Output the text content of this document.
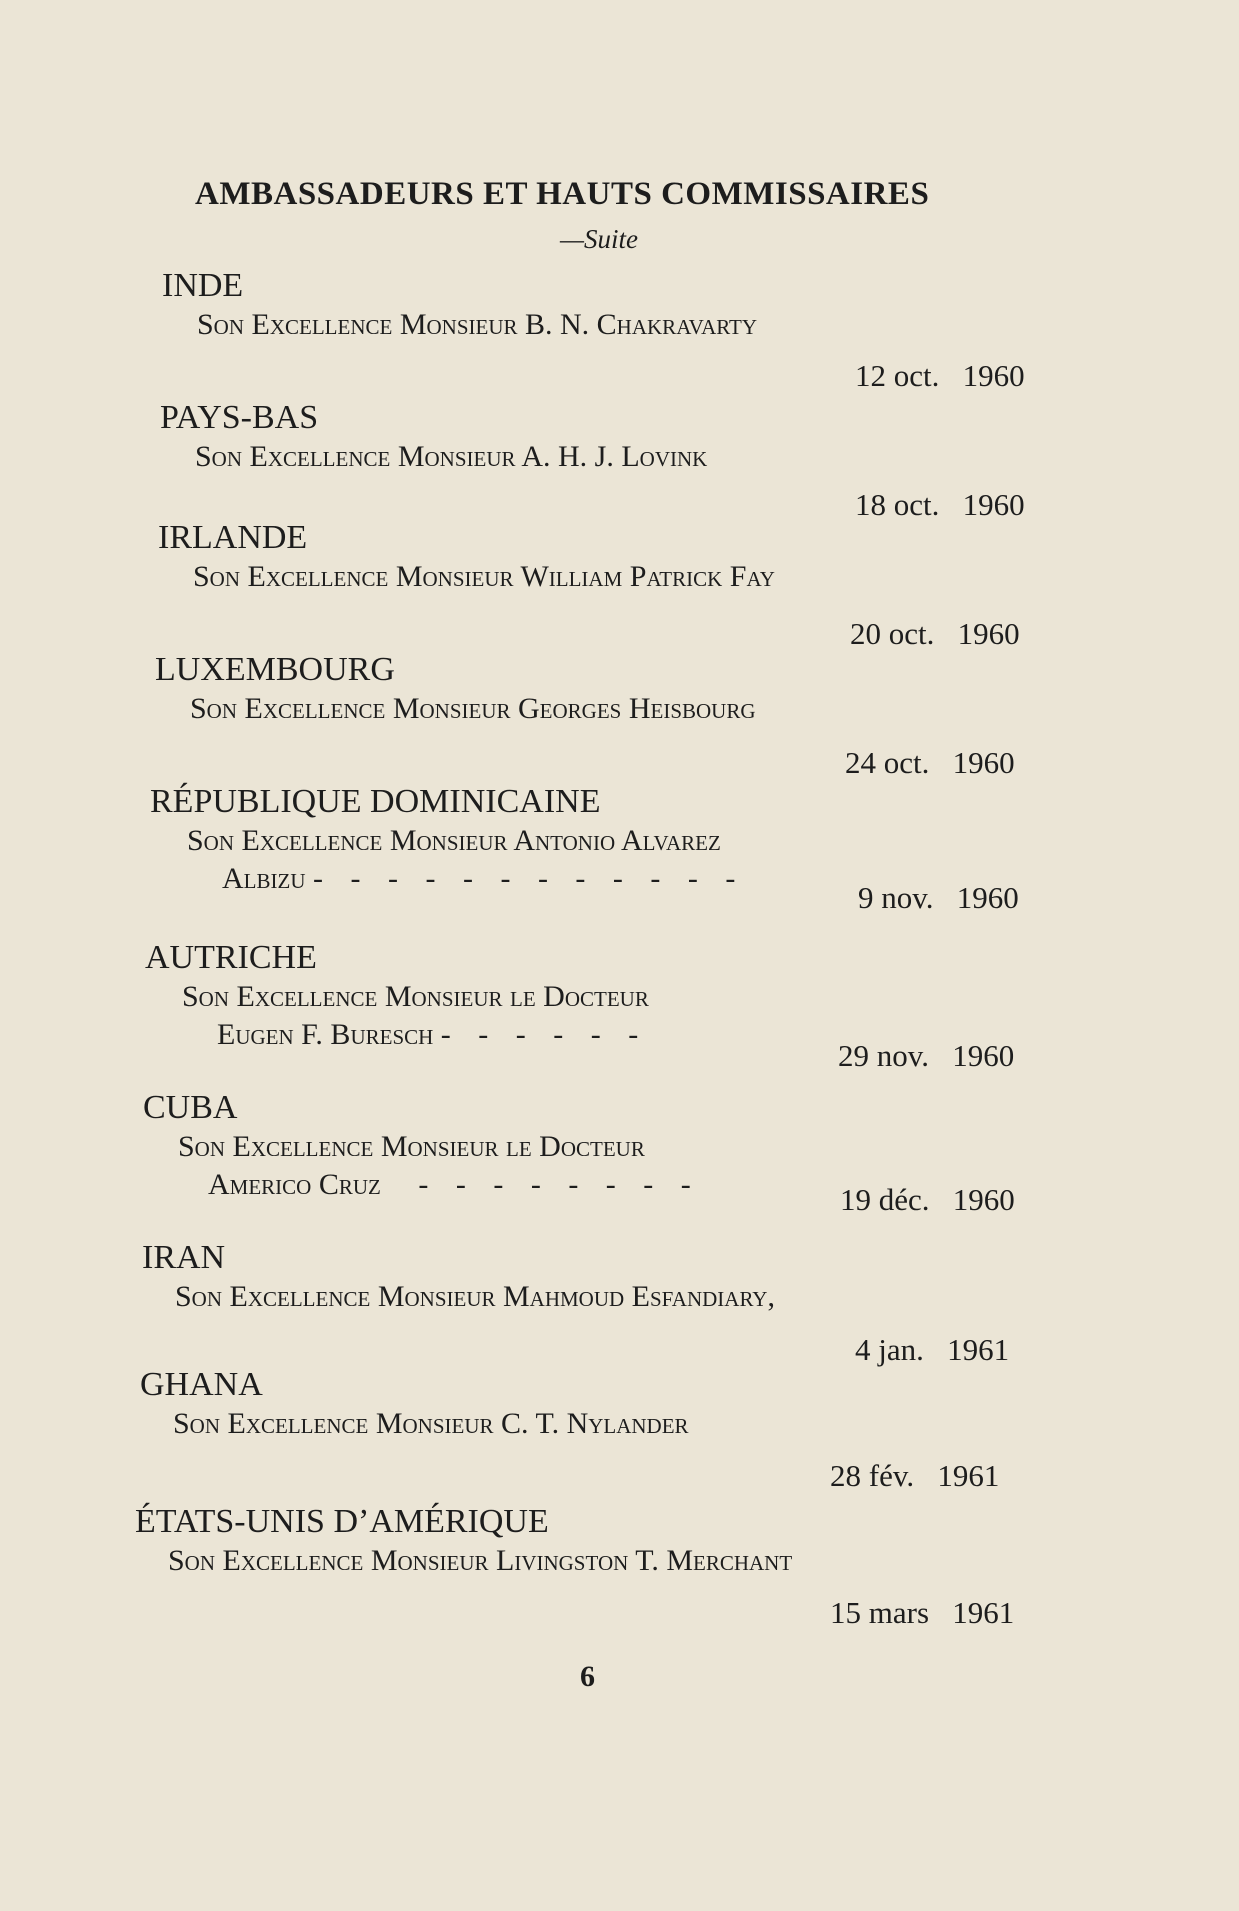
AMBASSADEURS ET HAUTS COMMISSAIRES
—Suite
INDE
Son Excellence Monsieur B. N. Chakravarty
12 oct. 1960
PAYS-BAS
Son Excellence Monsieur A. H. J. Lovink
18 oct. 1960
IRLANDE
Son Excellence Monsieur William Patrick Fay
20 oct. 1960
LUXEMBOURG
Son Excellence Monsieur Georges Heisbourg
24 oct. 1960
RÉPUBLIQUE DOMINICAINE
Son Excellence Monsieur Antonio Alvarez
Albizu - - - - - - - - - - - -
9 nov. 1960
AUTRICHE
Son Excellence Monsieur le Docteur
Eugen F. Buresch - - - - - -
29 nov. 1960
CUBA
Son Excellence Monsieur le Docteur
Americo Cruz - - - - - - - -	19 déc. 1960
IRAN
Son Excellence Monsieur Mahmoud Esfandiary,
4 jan. 1961
GHANA
Son Excellence Monsieur C. T. Nylander
28 fév. 1961
ÉTATS-UNIS D’AMÉRIQUE
Son Excellence Monsieur Livingston T. Merchant
15 mars 1961
6
